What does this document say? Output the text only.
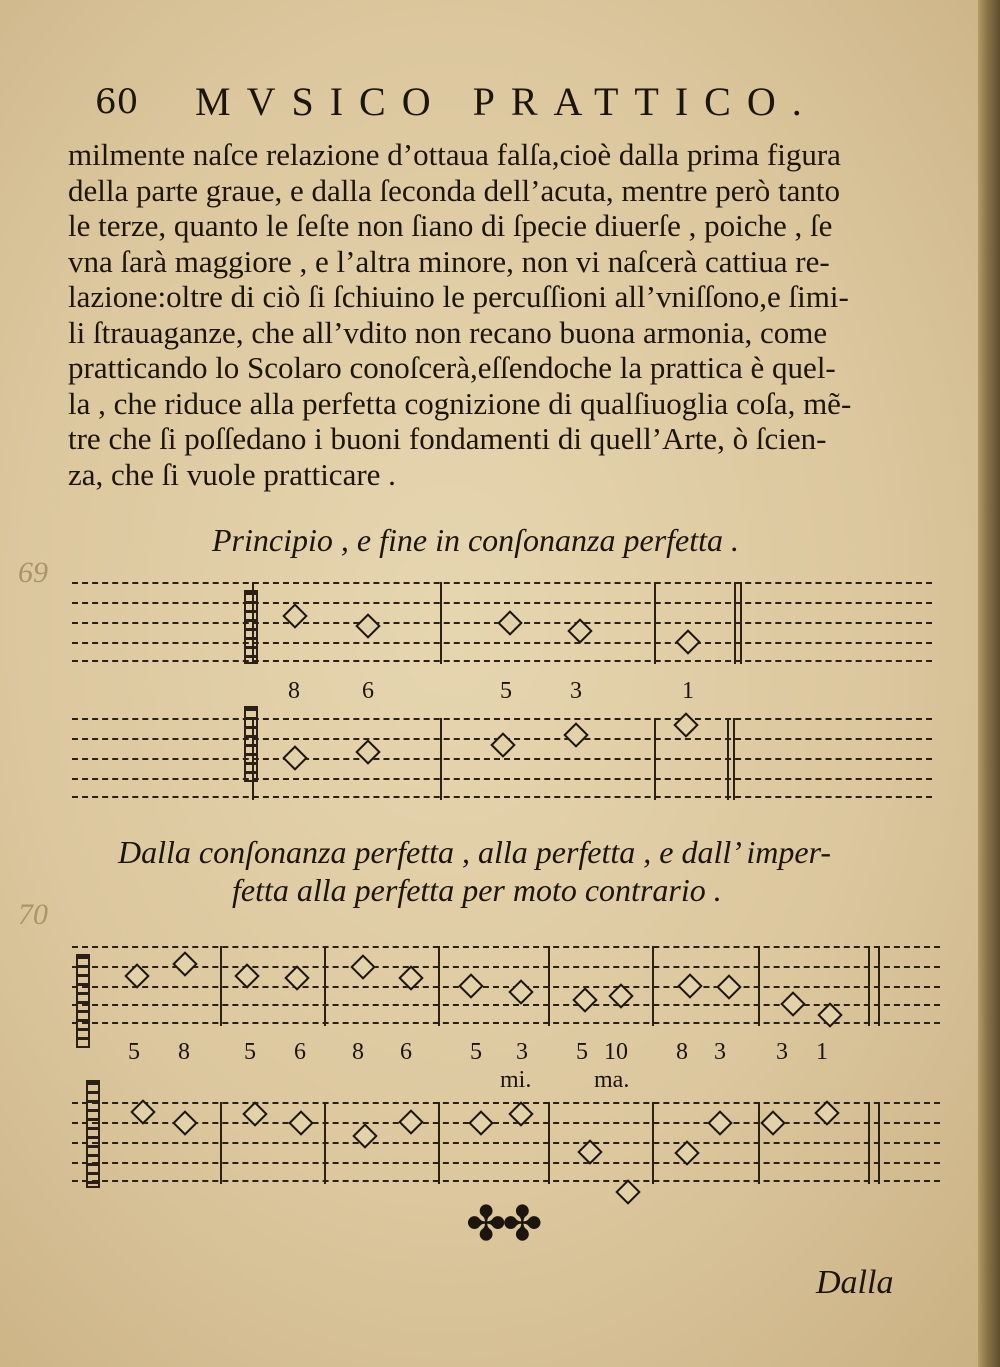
60 MVSICO PRATTICO.
milmente naſce relazione d’ottaua falſa,cioè dalla prima figura
della parte graue, e dalla ſeconda dell’acuta, mentre però tanto
le terze, quanto le ſeſte non ſiano di ſpecie diuerſe , poiche , ſe
vna ſarà maggiore , e l’altra minore, non vi naſcerà cattiua re-
lazione:oltre di ciò ſi ſchiuino le percuſſioni all’vniſſono,e ſimi-
li ſtrauaganze, che all’vdito non recano buona armonia, come
pratticando lo Scolaro conoſcerà,eſſendoche la prattica è quel-
la , che riduce alla perfetta cognizione di qualſiuoglia coſa, mẽ-
tre che ſi poſſedano i buoni fondamenti di quell’Arte, ò ſcien-
za, che ſi vuole pratticare .
69
70
Principio , e fine in conſonanza perfetta .
8	6	5 3	1
Dalla conſonanza perfetta , alla perfetta , e dall’ imper-
fetta alla perfetta per moto contrario .
5 8 5 6 8 6 5 3 5 10 8 3 3 1
mi.	ma.
✤✤
Dalla
